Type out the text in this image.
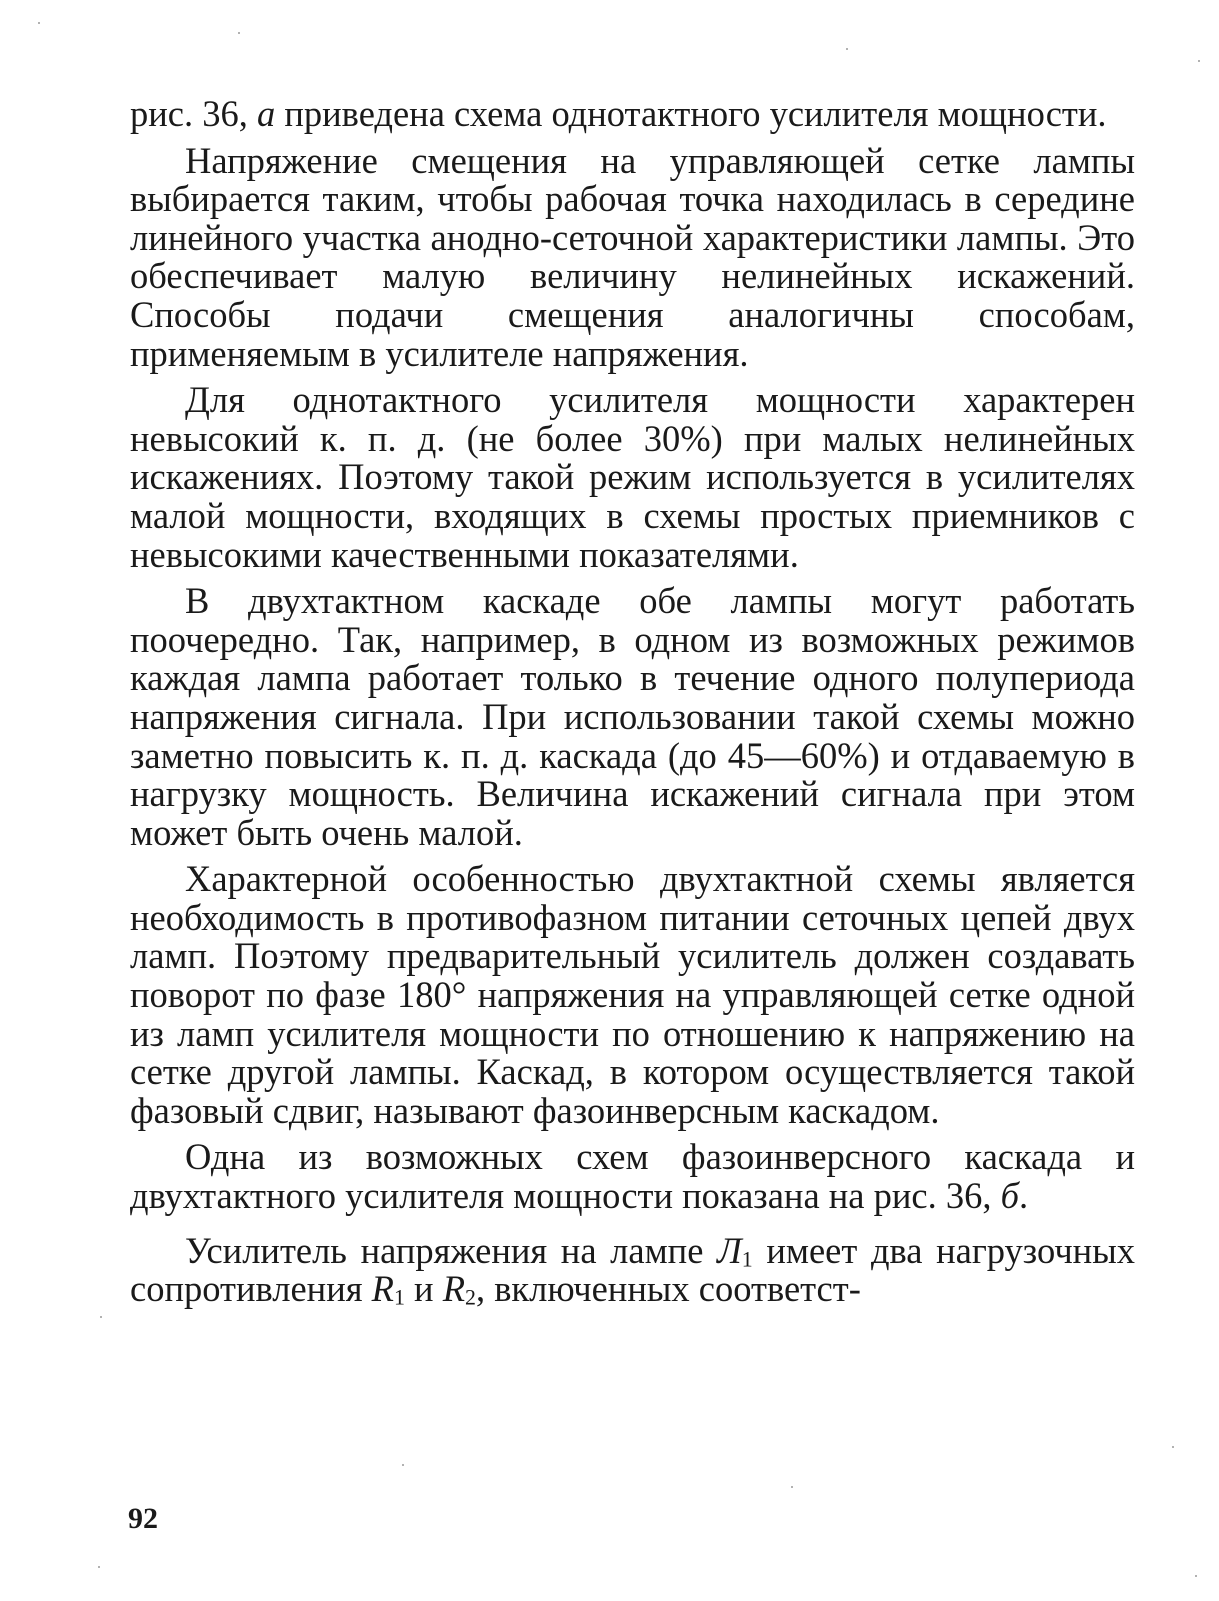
рис. 36, а приведена схема однотактного усилителя мощности.

Напряжение смещения на управляющей сетке лампы выбирается таким, чтобы рабочая точка находилась в середине линейного участка анодно-сеточной характеристики лампы. Это обеспечивает малую величину нелинейных искажений. Способы подачи смещения аналогичны способам, применяемым в усилителе напряжения.

Для однотактного усилителя мощности характерен невысокий к. п. д. (не более 30%) при малых нелинейных искажениях. Поэтому такой режим используется в усилителях малой мощности, входящих в схемы простых приемников с невысокими качественными показателями.

В двухтактном каскаде обе лампы могут работать поочередно. Так, например, в одном из возможных режимов каждая лампа работает только в течение одного полупериода напряжения сигнала. При использовании такой схемы можно заметно повысить к. п. д. каскада (до 45—60%) и отдаваемую в нагрузку мощность. Величина искажений сигнала при этом может быть очень малой.

Характерной особенностью двухтактной схемы является необходимость в противофазном питании сеточных цепей двух ламп. Поэтому предварительный усилитель должен создавать поворот по фазе 180° напряжения на управляющей сетке одной из ламп усилителя мощности по отношению к напряжению на сетке другой лампы. Каскад, в котором осуществляется такой фазовый сдвиг, называют фазоинверсным каскадом.

Одна из возможных схем фазоинверсного каскада и двухтактного усилителя мощности показана на рис. 36, б.

Усилитель напряжения на лампе $Л_1$ имеет два нагрузочных сопротивления $R_1$ и $R_2$, включенных соответст-

92
